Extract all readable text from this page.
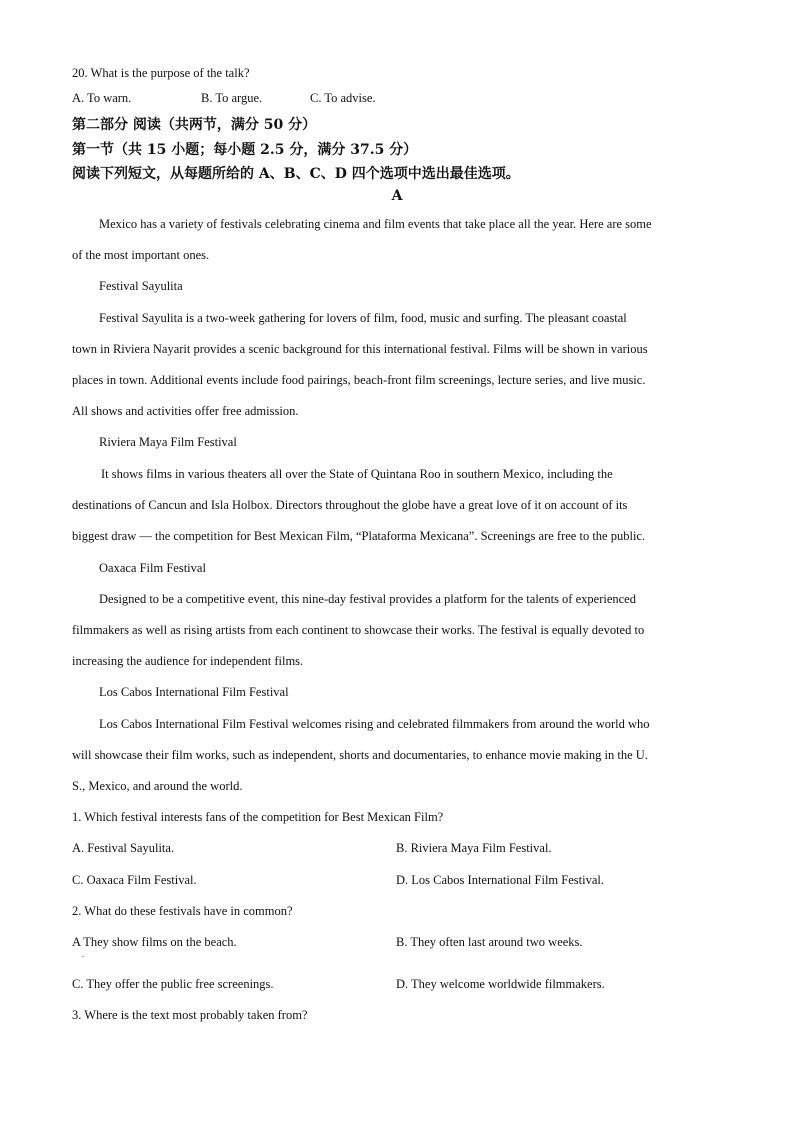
20. What is the purpose of the talk?
A. To warn.	B. To argue.	C. To advise.
第二部分 阅读（共两节，满分 50 分）
第一节（共 15 小题；每小题 2.5 分，满分 37.5 分）
阅读下列短文，从每题所给的 A、B、C、D 四个选项中选出最佳选项。
A
Mexico has a variety of festivals celebrating cinema and film events that take place all the year. Here are some
of the most important ones.
Festival Sayulita
Festival Sayulita is a two-week gathering for lovers of film, food, music and surfing. The pleasant coastal
town in Riviera Nayarit provides a scenic background for this international festival. Films will be shown in various
places in town. Additional events include food pairings, beach-front film screenings, lecture series, and live music.
All shows and activities offer free admission.
Riviera Maya Film Festival
It shows films in various theaters all over the State of Quintana Roo in southern Mexico, including the
destinations of Cancun and Isla Holbox. Directors throughout the globe have a great love of it on account of its
biggest draw — the competition for Best Mexican Film, “Plataforma Mexicana”. Screenings are free to the public.
Oaxaca Film Festival
Designed to be a competitive event, this nine-day festival provides a platform for the talents of experienced
filmmakers as well as rising artists from each continent to showcase their works. The festival is equally devoted to
increasing the audience for independent films.
Los Cabos International Film Festival
Los Cabos International Film Festival welcomes rising and celebrated filmmakers from around the world who
will showcase their film works, such as independent, shorts and documentaries, to enhance movie making in the U.
S., Mexico, and around the world.
1. Which festival interests fans of the competition for Best Mexican Film?
A. Festival Sayulita.	B. Riviera Maya Film Festival.
C. Oaxaca Film Festival.	D. Los Cabos International Film Festival.
2. What do these festivals have in common?
A They show films on the beach.
.
B. They often last around two weeks.
C. They offer the public free screenings.	D. They welcome worldwide filmmakers.
3. Where is the text most probably taken from?
